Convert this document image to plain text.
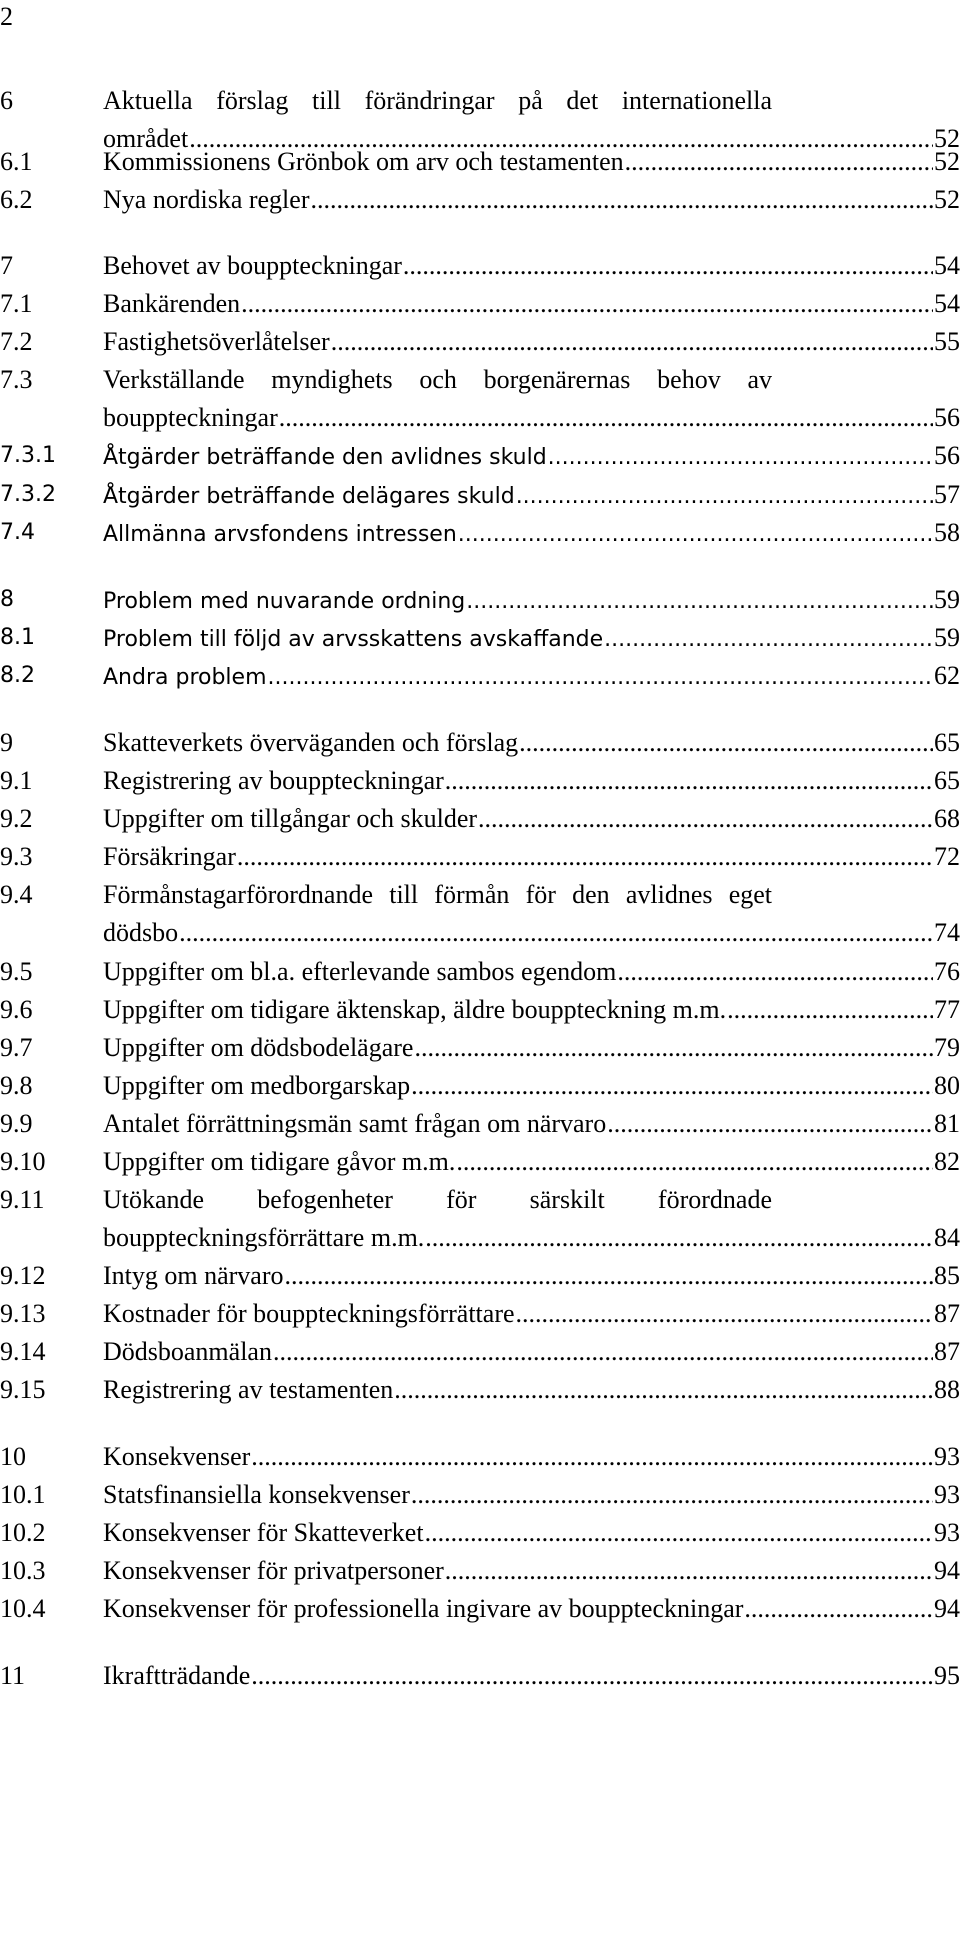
2
6	Aktuella förslag till förändringar på det internationella
området .....	52
6.1	Kommissionens Grönbok om arv och testamenten .....	52
6.2	Nya nordiska regler .....	52
7	Behovet av bouppteckningar .....	54
7.1	Bankärenden .....	54
7.2	Fastighetsöverlåtelser .....	55
7.3	Verkställande myndighets och borgenärernas behov av
bouppteckningar .....	56
7.3.1 Åtgärder beträffande den avlidnes skuld .....	56
7.3.2 Åtgärder beträffande delägares skuld .....	57
7.4	Allmänna arvsfondens intressen .....	58
8	Problem med nuvarande ordning .....	59
8.1	Problem till följd av arvsskattens avskaffande .....	59
8.2	Andra problem .....	62
9	Skatteverkets överväganden och förslag .....	65
9.1	Registrering av bouppteckningar .....	65
9.2	Uppgifter om tillgångar och skulder .....	68
9.3	Försäkringar .....	72
9.4	Förmånstagarförordnande till förmån för den avlidnes eget
dödsbo .....	74
9.5	Uppgifter om bl.a. efterlevande sambos egendom .....	76
9.6	Uppgifter om tidigare äktenskap, äldre bouppteckning m.m. .....	77
9.7	Uppgifter om dödsbodelägare .....	79
9.8	Uppgifter om medborgarskap .....	80
9.9	Antalet förrättningsmän samt frågan om närvaro .....	81
9.10 Uppgifter om tidigare gåvor m.m. .....	82
9.11 Utökande befogenheter för särskilt förordnade
bouppteckningsförrättare m.m. .....	84
9.12 Intyg om närvaro .....	85
9.13 Kostnader för bouppteckningsförrättare .....	87
9.14 Dödsboanmälan .....	87
9.15 Registrering av testamenten .....	88
10	Konsekvenser .....	93
10.1 Statsfinansiella konsekvenser .....	93
10.2 Konsekvenser för Skatteverket .....	93
10.3 Konsekvenser för privatpersoner .....	94
10.4 Konsekvenser för professionella ingivare av bouppteckningar .....	94
11	Ikraftträdande .....	95
